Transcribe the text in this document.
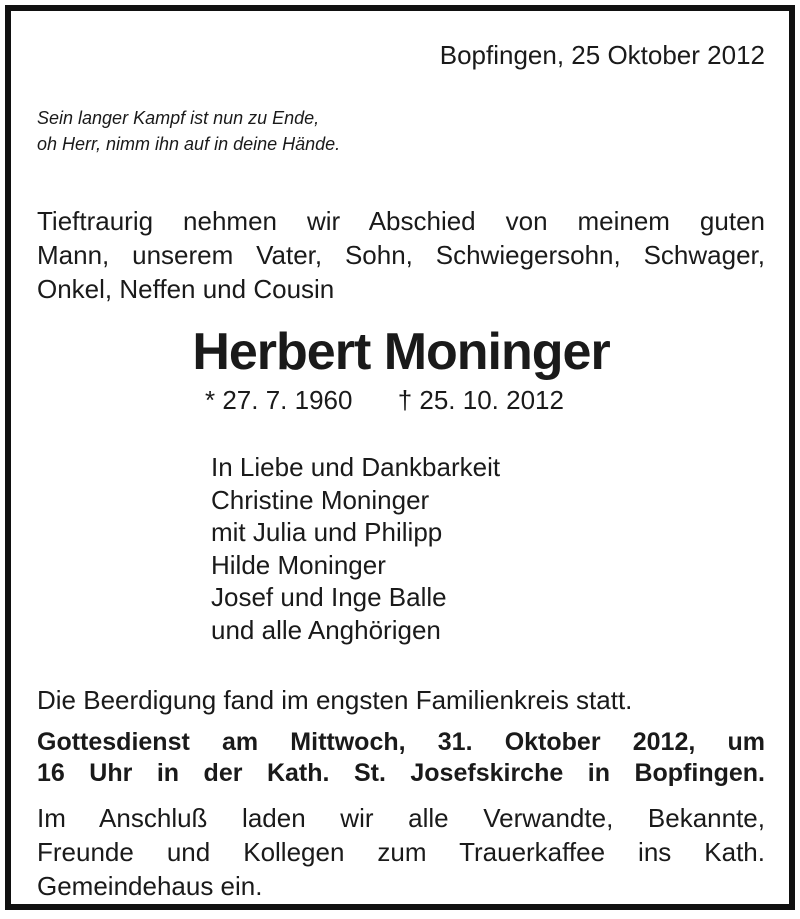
Bopfingen, 25 Oktober 2012
Sein langer Kampf ist nun zu Ende,
oh Herr, nimm ihn auf in deine Hände.
Tieftraurig nehmen wir Abschied von meinem guten
Mann, unserem Vater, Sohn, Schwiegersohn, Schwager,
Onkel, Neffen und Cousin
Herbert Moninger
* 27. 7. 1960 † 25. 10. 2012
In Liebe und Dankbarkeit
Christine Moninger
mit Julia und Philipp
Hilde Moninger
Josef und Inge Balle
und alle Anghörigen
Die Beerdigung fand im engsten Familienkreis statt.
Gottesdienst am Mittwoch, 31. Oktober 2012, um
16 Uhr in der Kath. St. Josefskirche in Bopfingen.
Im Anschluß laden wir alle Verwandte, Bekannte,
Freunde und Kollegen zum Trauerkaffee ins Kath.
Gemeindehaus ein.
